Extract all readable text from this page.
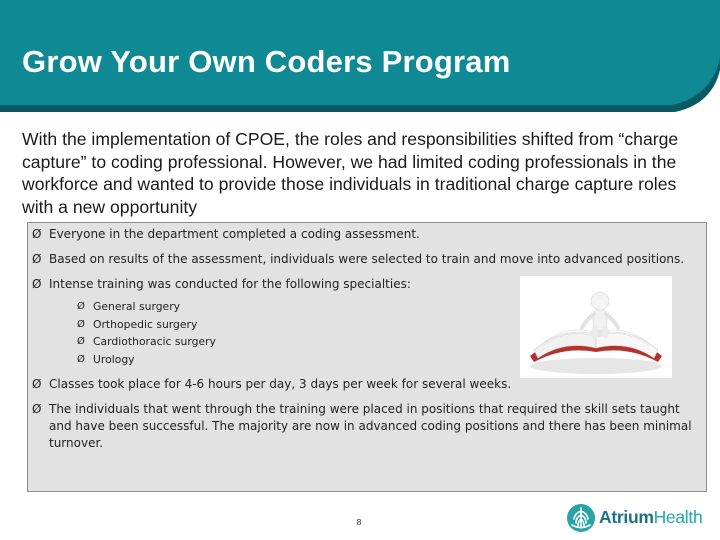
Grow Your Own Coders Program

With the implementation of CPOE, the roles and responsibilities shifted from “charge capture” to coding professional. However, we had limited coding professionals in the workforce and wanted to provide those individuals in traditional charge capture roles with a new opportunity

Ø Everyone in the department completed a coding assessment.
Ø Based on results of the assessment, individuals were selected to train and move into advanced positions.
Ø Intense training was conducted for the following specialties:
Ø General surgery
Ø Orthopedic surgery
Ø Cardiothoracic surgery
Ø Urology
Ø Classes took place for 4-6 hours per day, 3 days per week for several weeks.
Ø The individuals that went through the training were placed in positions that required the skill sets taught and have been successful. The majority are now in advanced coding positions and there has been minimal turnover.
8	AtriumHealth
